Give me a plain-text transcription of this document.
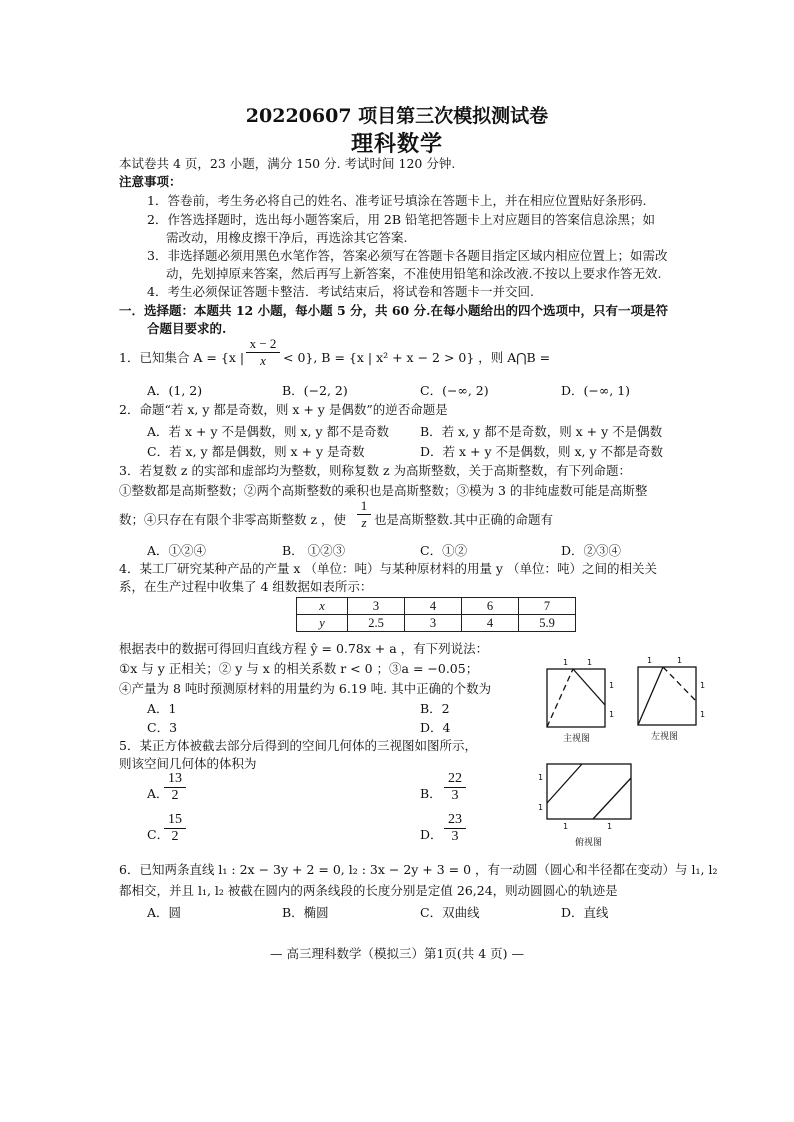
20220607 项目第三次模拟测试卷
理科数学
本试卷共 4 页，23 小题，满分 150 分. 考试时间 120 分钟.
注意事项：
1．答卷前，考生务必将自己的姓名、准考证号填涂在答题卡上，并在相应位置贴好条形码.
2．作答选择题时，选出每小题答案后，用 2B 铅笔把答题卡上对应题目的答案信息涂黑；如
需改动，用橡皮擦干净后，再选涂其它答案.
3．非选择题必须用黑色水笔作答，答案必须写在答题卡各题目指定区域内相应位置上；如需改
动，先划掉原来答案，然后再写上新答案，不准使用铅笔和涂改液.不按以上要求作答无效.
4．考生必须保证答题卡整洁．考试结束后，将试卷和答题卡一并交回.
一．选择题：本题共 12 小题，每小题 5 分，共 60 分.在每小题给出的四个选项中，只有一项是符
合题目要求的.
1．已知集合 A = {x | $\frac{x - 2}{x} < 0$}, B = {x | x² + x − 2 > 0} ，则 A⋂B =
A．(1, 2)	B．(−2, 2)	C．(−∞, 2)	D．(−∞, 1)
2．命题“若 x, y 都是奇数，则 x + y 是偶数”的逆否命题是
A．若 x + y 不是偶数，则 x, y 都不是奇数 B．若 x, y 都不是奇数，则 x + y 不是偶数
C．若 x, y 都是偶数，则 x + y 是奇数	D．若 x + y 不是偶数，则 x, y 不都是奇数
3．若复数 z 的实部和虚部均为整数，则称复数 z 为高斯整数，关于高斯整数，有下列命题：
①整数都是高斯整数；②两个高斯整数的乘积也是高斯整数；③模为 3 的非纯虚数可能是高斯整
数；④只存在有限个非零高斯整数 z ，使 $\frac{1}{z}$ 也是高斯整数.其中正确的命题有
A．①②④	B． ①②③	C．①②	D．②③④
4．某工厂研究某种产品的产量 x （单位：吨）与某种原材料的用量 y （单位：吨）之间的相关关
系，在生产过程中收集了 4 组数据如表所示：
x	3	4	6	7
y	2.5	3	4	5.9
根据表中的数据可得回归直线方程 ŷ = 0.78x + a ，有下列说法：
①x 与 y 正相关；② y 与 x 的相关系数 r < 0 ；③a = −0.05；
④产量为 8 吨时预测原材料的用量约为 6.19 吨. 其中正确的个数为
A．1	B．2
C．3	D．4
5．某正方体被截去部分后得到的空间几何体的三视图如图所示，
则该空间几何体的体积为
A．
$\frac{13}{2}$	B． $\frac{22}{3}$
C．
$\frac{15}{2}$	D． $\frac{23}{3}$
1 1
1
1
1	1
1
1
1
1
1	1
主视图	左视图
俯视图
6．已知两条直线 l₁ : 2x − 3y + 2 = 0, l₂ : 3x − 2y + 3 = 0 ，有一动圆（圆心和半径都在变动）与 l₁, l₂
都相交，并且 l₁, l₂ 被截在圆内的两条线段的长度分别是定值 26,24，则动圆圆心的轨迹是
A．圆	B．椭圆	C．双曲线	D．直线
— 高三理科数学（模拟三）第1页(共 4 页) —
